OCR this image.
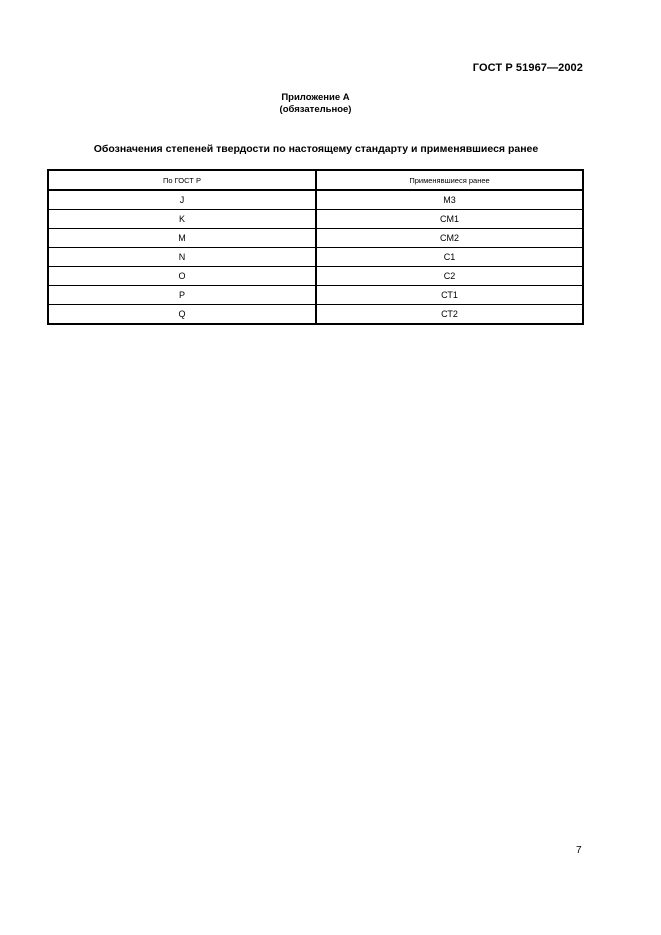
ГОСТ Р 51967—2002
Приложение А
(обязательное)
Обозначения степеней твердости по настоящему стандарту и применявшиеся ранее
По ГОСТ Р	Применявшиеся ранее
J	М3
K	СМ1
M	СМ2
N	С1
O	С2
P	СТ1
Q	СТ2
7
